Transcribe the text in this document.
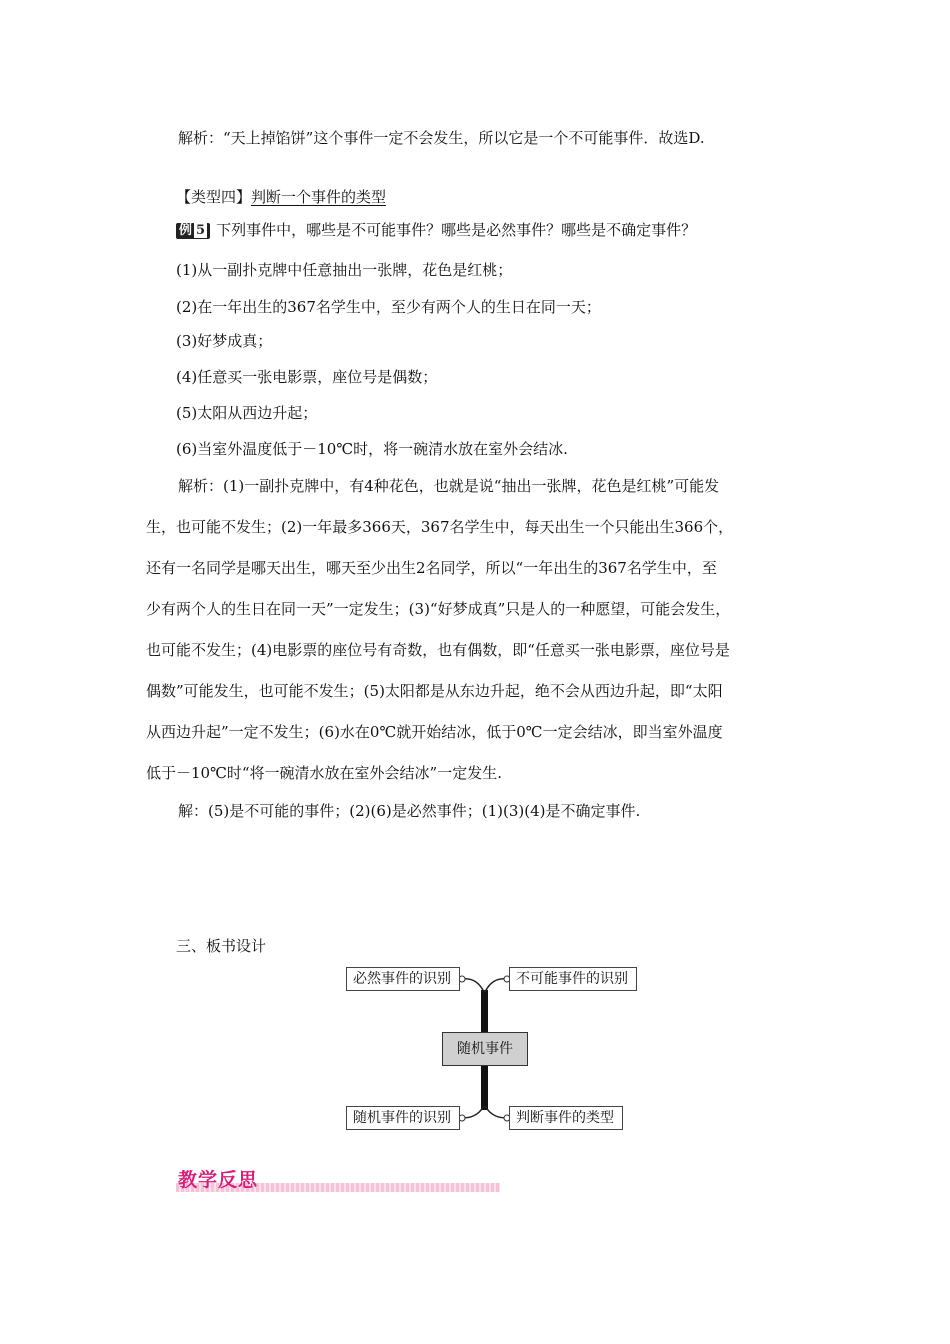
解析：“天上掉馅饼”这个事件一定不会发生，所以它是一个不可能事件．故选D.
【类型四】判断一个事件的类型
例 5 下列事件中，哪些是不可能事件？哪些是必然事件？哪些是不确定事件？
(1)从一副扑克牌中任意抽出一张牌，花色是红桃；
(2)在一年出生的367名学生中，至少有两个人的生日在同一天；
(3)好梦成真；
(4)任意买一张电影票，座位号是偶数；
(5)太阳从西边升起；
(6)当室外温度低于－10℃时，将一碗清水放在室外会结冰.
解析：(1)一副扑克牌中，有4种花色，也就是说“抽出一张牌，花色是红桃”可能发
生，也可能不发生；(2)一年最多366天，367名学生中，每天出生一个只能出生366个，
还有一名同学是哪天出生，哪天至少出生2名同学，所以“一年出生的367名学生中，至
少有两个人的生日在同一天”一定发生；(3)“好梦成真”只是人的一种愿望，可能会发生，
也可能不发生；(4)电影票的座位号有奇数，也有偶数，即“任意买一张电影票，座位号是
偶数”可能发生，也可能不发生；(5)太阳都是从东边升起，绝不会从西边升起，即“太阳
从西边升起”一定不发生；(6)水在0℃就开始结冰，低于0℃一定会结冰，即当室外温度
低于－10℃时“将一碗清水放在室外会结冰”一定发生.
解：(5)是不可能的事件；(2)(6)是必然事件；(1)(3)(4)是不确定事件.
三、板书设计
必然事件的识别	不可能事件的识别
随机事件
随机事件的识别	判断事件的类型
教学反思
